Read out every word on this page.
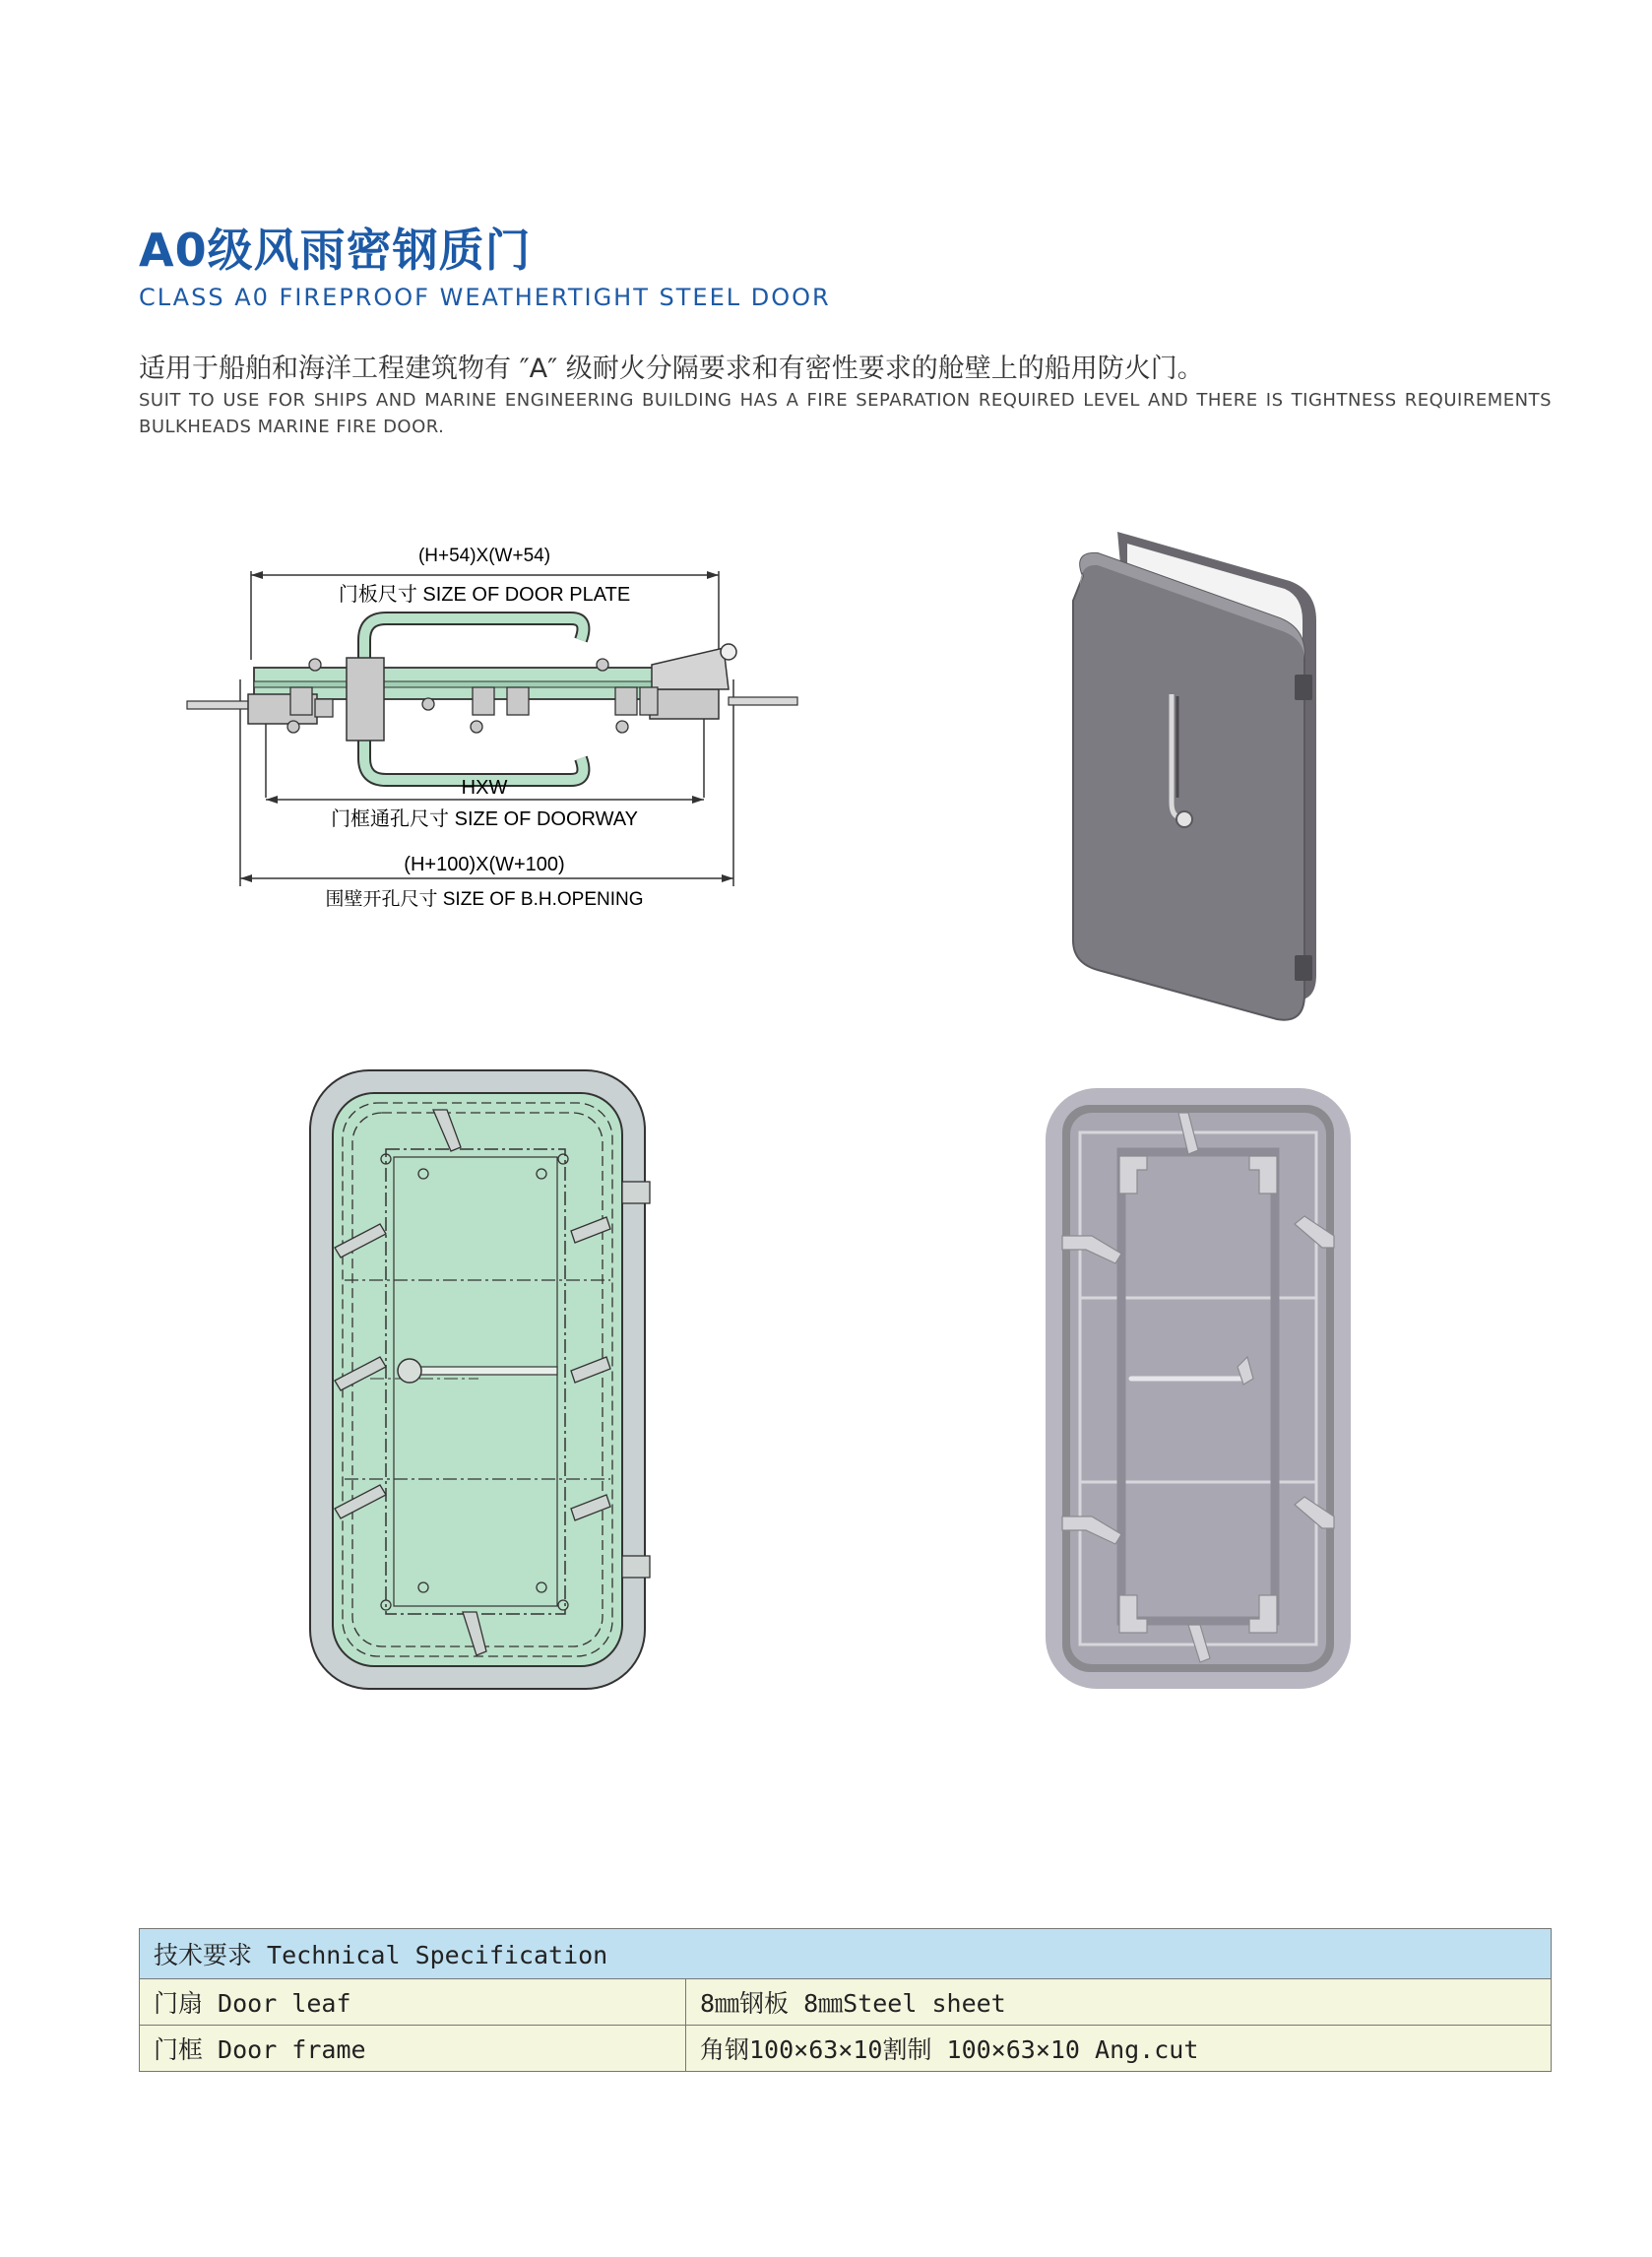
A0级风雨密钢质门
CLASS A0 FIREPROOF WEATHERTIGHT STEEL DOOR
适用于船舶和海洋工程建筑物有 ″A″ 级耐火分隔要求和有密性要求的舱壁上的船用防火门。
SUIT TO USE FOR SHIPS AND MARINE ENGINEERING BUILDING HAS A FIRE SEPARATION REQUIRED LEVEL AND THERE IS TIGHTNESS REQUIREMENTS BULKHEADS MARINE FIRE DOOR.
(H+54)X(W+54)
门板尺寸 SIZE OF DOOR PLATE
HXW
门框通孔尺寸 SIZE OF DOORWAY
(H+100)X(W+100)
围壁开孔尺寸 SIZE OF B.H.OPENING
技术要求 Technical Specification	
门扇 Door leaf	8㎜钢板 8㎜Steel sheet
门框 Door frame	角钢100×63×10割制 100×63×10 Ang.cut
